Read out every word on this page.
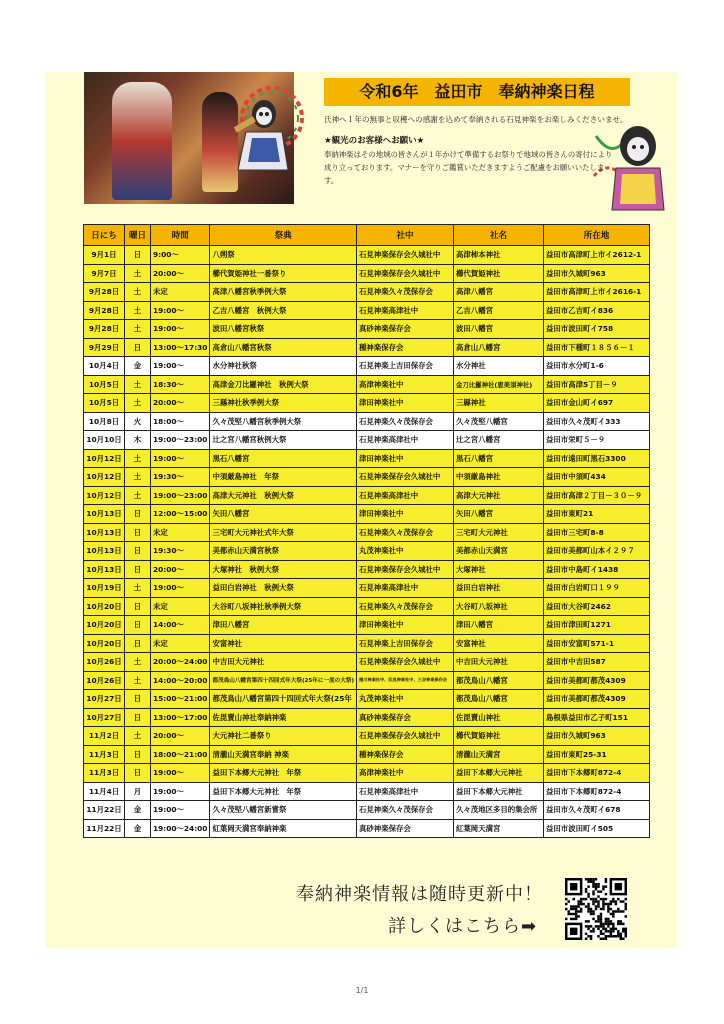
令和6年　益田市　奉納神楽日程
氏神へ１年の無事と収穫への感謝を込めて奉納される石見神楽をお楽しみくださいませ。
★観光のお客様へお願い★
奉納神楽はその地域の皆さんが１年かけて準備するお祭りで地域の皆さんの寄付により成り立っております。マナーを守りご鑑賞いただきますようご配慮をお願いいたします。
日にち	曜日	時間	祭典	社中	社名	所在地
9月1日	日	9:00～	八朔祭	石見神楽保存会久城社中	高津柿本神社	益田市高津町上市イ2612-1
9月7日	土	20:00～	櫛代賀姫神社一番祭り	石見神楽保存会久城社中	櫛代賀姫神社	益田市久城町963
9月28日	土	未定	高津八幡宮秋季例大祭	石見神楽久々茂保存会	高津八幡宮	益田市高津町上市イ2616-1
9月28日	土	19:00～	乙吉八幡宮　秋例大祭	石見神楽高津社中	乙吉八幡宮	益田市乙吉町イ836
9月28日	土	19:00～	波田八幡宮秋祭	真砂神楽保存会	波田八幡宮	益田市波田町イ758
9月29日	日	13:00～17:30	高倉山八幡宮秋祭	種神楽保存会	高倉山八幡宮	益田市下種町１８５６－１
10月4日	金	19:00～	水分神社秋祭	石見神楽上吉田保存会	水分神社	益田市水分町1-6
10月5日	土	18:30～	高津金刀比羅神社　秋例大祭	高津神楽社中	金刀比羅神社(恵美須神社)	益田市高津5丁目－９
10月5日	土	20:00～	三縣神社秋季例大祭	津田神楽社中	三縣神社	益田市金山町イ697
10月8日	火	18:00～	久々茂堅八幡宮秋季例大祭	石見神楽久々茂保存会	久々茂堅八幡宮	益田市久々茂町イ333
10月10日	木	19:00～23:00	辻之宮八幡宮秋例大祭	石見神楽高津社中	辻之宮八幡宮	益田市栄町５－９
10月12日	土	19:00～	黒石八幡宮	津田神楽社中	黒石八幡宮	益田市遠田町黒石3300
10月12日	土	19:30～	中須厳島神社　年祭	石見神楽保存会久城社中	中須厳島神社	益田市中須町434
10月12日	土	19:00～23:00	高津大元神社　秋例大祭	石見神楽高津社中	高津大元神社	益田市高津２丁目－３０－９
10月13日	日	12:00～15:00	矢田八幡宮	津田神楽社中	矢田八幡宮	益田市東町21
10月13日	日	未定	三宅町大元神社式年大祭	石見神楽久々茂保存会	三宅町大元神社	益田市三宅町8-8
10月13日	日	19:30～	美都赤山天満宮秋祭	丸茂神楽社中	美都赤山天満宮	益田市美都町山本イ２９７
10月13日	日	20:00～	大塚神社　秋例大祭	石見神楽保存会久城社中	大塚神社	益田市中島町イ1438
10月19日	土	19:00～	益田白岩神社　秋例大祭	石見神楽高津社中	益田白岩神社	益田市白岩町口１９９
10月20日	日	未定	大谷町八坂神社秋季例大祭	石見神楽久々茂保存会	大谷町八坂神社	益田市大谷町2462
10月20日	日	14:00～	津田八幡宮	津田神楽社中	津田八幡宮	益田市津田町1271
10月20日	日	未定	安富神社	石見神楽上吉田保存会	安富神社	益田市安富町571-1
10月26日	土	20:00～24:00	中吉田大元神社	石見神楽保存会久城社中	中吉田大元神社	益田市中吉田587
10月26日	土	14:00～20:00	都茂鳥山八幡宮第四十四回式年大祭(25年に一度の大祭)	週川神楽社中、匹見神楽社中、三谷神楽保存会	都茂鳥山八幡宮	益田市美都町都茂4309
10月27日	日	15:00～21:00	都茂鳥山八幡宮第四十四回式年大祭(25年	丸茂神楽社中	都茂鳥山八幡宮	益田市美都町都茂4309
10月27日	日	13:00～17:00	佐毘賣山神社奉納神楽	真砂神楽保存会	佐毘賣山神社	島根県益田市乙子町151
11月2日	土	20:00～	大元神社二番祭り	石見神楽保存会久城社中	櫛代賀姫神社	益田市久城町963
11月3日	日	18:00～21:00	清瀧山天満宮奉納 神楽	種神楽保存会	清瀧山天満宮	益田市東町25-31
11月3日	日	19:00～	益田下本郷大元神社　年祭	高津神楽社中	益田下本郷大元神社	益田市下本郷町872-4
11月4日	月	19:00～	益田下本郷大元神社　年祭	石見神楽高津社中	益田下本郷大元神社	益田市下本郷町872-4
11月22日	金	19:00～	久々茂堅八幡宮新嘗祭	石見神楽久々茂保存会	久々茂地区多目的集会所	益田市久々茂町イ678
11月22日	金	19:00～24:00	紅葉岡天満宮奉納神楽	真砂神楽保存会	紅葉岡天満宮	益田市波田町イ505
奉納神楽情報は随時更新中！
詳しくはこちら➡
1/1
